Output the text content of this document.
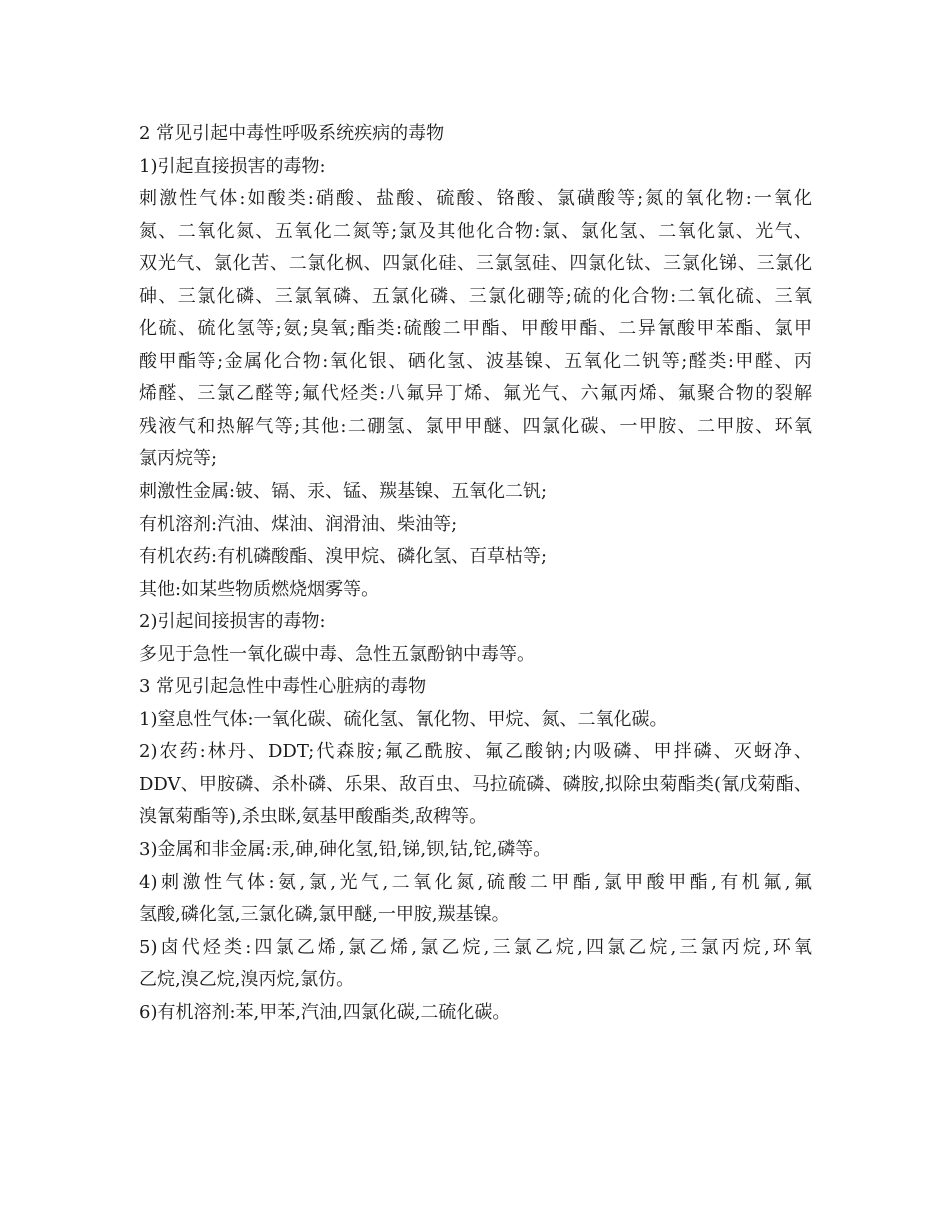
2 常见引起中毒性呼吸系统疾病的毒物
1)引起直接损害的毒物:
刺激性气体:如酸类:硝酸、盐酸、硫酸、铬酸、氯磺酸等;氮的氧化物:一氧化
氮、二氧化氮、五氧化二氮等;氯及其他化合物:氯、氯化氢、二氧化氯、光气、
双光气、氯化苦、二氯化枫、四氯化硅、三氯氢硅、四氯化钛、三氯化锑、三氯化
砷、三氯化磷、三氯氧磷、五氯化磷、三氯化硼等;硫的化合物:二氧化硫、三氧
化硫、硫化氢等;氨;臭氧;酯类:硫酸二甲酯、甲酸甲酯、二异氰酸甲苯酯、氯甲
酸甲酯等;金属化合物:氧化银、硒化氢、波基镍、五氧化二钒等;醛类:甲醛、丙
烯醛、三氯乙醛等;氟代烃类:八氟异丁烯、氟光气、六氟丙烯、氟聚合物的裂解
残液气和热解气等;其他:二硼氢、氯甲甲醚、四氯化碳、一甲胺、二甲胺、环氧
氯丙烷等;
刺激性金属:铍、镉、汞、锰、羰基镍、五氧化二钒;
有机溶剂:汽油、煤油、润滑油、柴油等;
有机农药:有机磷酸酯、溴甲烷、磷化氢、百草枯等;
其他:如某些物质燃烧烟雾等。
2)引起间接损害的毒物:
多见于急性一氧化碳中毒、急性五氯酚钠中毒等。
3 常见引起急性中毒性心脏病的毒物
1)窒息性气体:一氧化碳、硫化氢、氰化物、甲烷、氮、二氧化碳。
2)农药:林丹、DDT;代森胺;氟乙酰胺、氟乙酸钠;内吸磷、甲拌磷、灭蚜净、
DDV、甲胺磷、杀朴磷、乐果、敌百虫、马拉硫磷、磷胺,拟除虫菊酯类(氰戊菊酯、
溴氰菊酯等),杀虫眯,氨基甲酸酯类,敌稗等。
3)金属和非金属:汞,砷,砷化氢,铅,锑,钡,钴,铊,磷等。
4)刺激性气体:氨,氯,光气,二氧化氮,硫酸二甲酯,氯甲酸甲酯,有机氟,氟
氢酸,磷化氢,三氯化磷,氯甲醚,一甲胺,羰基镍。
5)卤代烃类:四氯乙烯,氯乙烯,氯乙烷,三氯乙烷,四氯乙烷,三氯丙烷,环氧
乙烷,溴乙烷,溴丙烷,氯仿。
6)有机溶剂:苯,甲苯,汽油,四氯化碳,二硫化碳。
